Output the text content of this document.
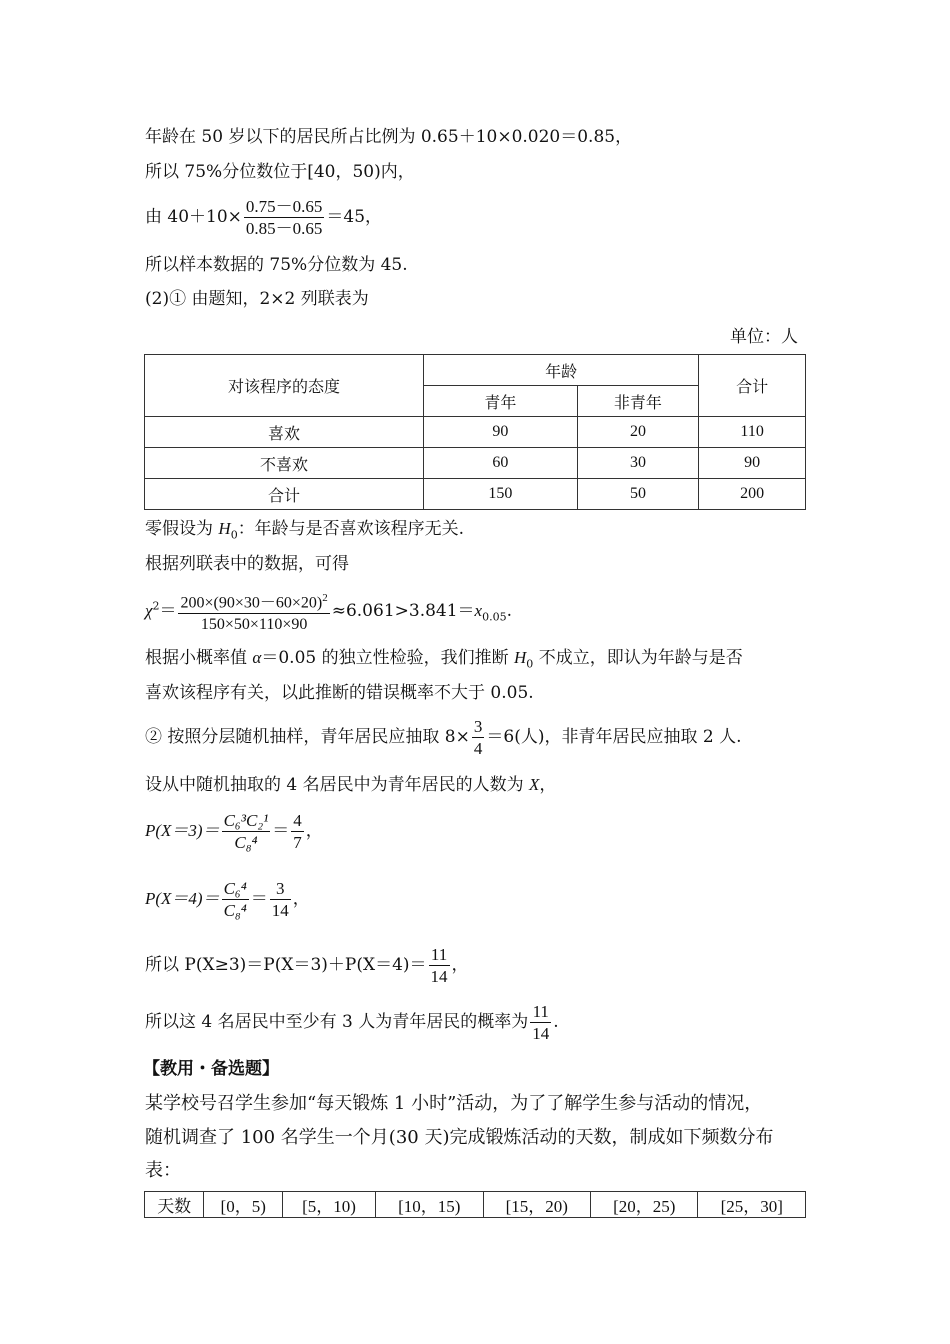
年龄在 50 岁以下的居民所占比例为 0.65＋10×0.020＝0.85，
所以 75%分位数位于[40，50)内，
由 $40+10\times \frac{0.75-0.65}{0.85-0.65} =45$，
所以样本数据的 75%分位数为 45.
(2)① 由题知，2×2 列联表为
单位：人
对该程序的态度	年龄		合计
	青年	非青年	
喜欢	90	20	110
不喜欢	60	30	90
合计	150	50	200
零假设为 $H_0$：年龄与是否喜欢该程序无关.
根据列联表中的数据，可得
$\chi^2= \frac{200\times(90\times 30-60\times 20)^2}{150\times 50\times 110\times 90} \approx 6.061>3.841=x_{0.05}$.
根据小概率值 α＝0.05 的独立性检验，我们推断 $H_0$ 不成立，即认为年龄与是否
喜欢该程序有关，以此推断的错误概率不大于 0.05.
② 按照分层随机抽样，青年居民应抽取 $8\times \frac{3}{4} =6$(人)，非青年居民应抽取 2 人.
设从中随机抽取的 4 名居民中为青年居民的人数为 X，
$P(X=3)= \frac{\text{C₆³C₂¹}}{\text{C₈⁴}} = \frac{4}{7}$ ，
$P(X=4)= \frac{\text{C₆⁴}}{\text{C₈⁴}} = \frac{3}{14}$ ，
所以 $P(X\ge 3)=P(X=3)+P(X=4)= \frac{11}{14}$ ，
所以这 4 名居民中至少有 3 人为青年居民的概率为 $\frac{11}{14}$ .
【教用・备选题】
某学校号召学生参加“每天锻炼 1 小时”活动，为了了解学生参与活动的情况，
随机调查了 100 名学生一个月(30 天)完成锻炼活动的天数，制成如下频数分布
表：
天数	[0，5)	[5，10)	[10，15)	[15，20)	[20，25)	[25，30]
